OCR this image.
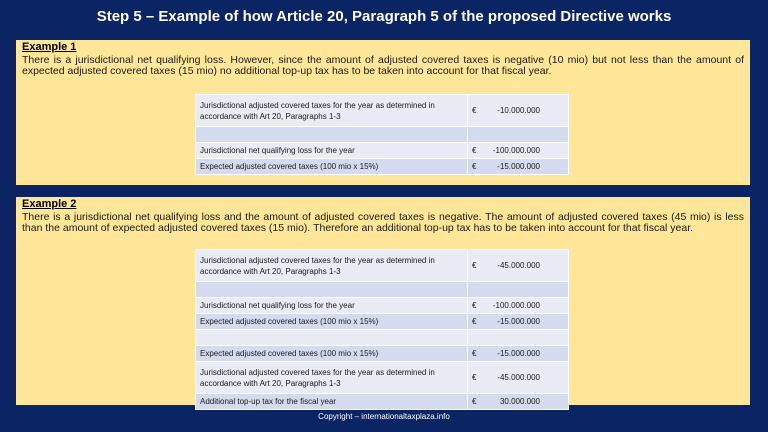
Step 5 – Example of how Article 20, Paragraph 5 of the proposed Directive works
Example 1
There is a jurisdictional net qualifying loss. However, since the amount of adjusted covered taxes is negative (10 mio) but not less than the amount of expected adjusted covered taxes (15 mio) no additional top-up tax has to be taken into account for that fiscal year.
Jurisdictional adjusted covered taxes for the year as determined in accordance with Art 20, Paragraphs 1-3	€ -10.000.000

Jurisdictional net qualifying loss for the year	€ -100.000.000
Expected adjusted covered taxes (100 mio x 15%)	€ -15.000.000
Example 2
There is a jurisdictional net qualifying loss and the amount of adjusted covered taxes is negative. The amount of adjusted covered taxes (45 mio) is less than the amount of expected adjusted covered taxes (15 mio). Therefore an additional top-up tax has to be taken into account for that fiscal year.
Jurisdictional adjusted covered taxes for the year as determined in accordance with Art 20, Paragraphs 1-3	€ -45.000.000

Jurisdictional net qualifying loss for the year	€ -100.000.000
Expected adjusted covered taxes (100 mio x 15%)	€ -15.000.000

Expected adjusted covered taxes (100 mio x 15%)	€ -15.000.000
Jurisdictional adjusted covered taxes for the year as determined in accordance with Art 20, Paragraphs 1-3	€ -45.000.000
Additional top-up tax for the fiscal year	€ 30.000.000
Copyright – internationaltaxplaza.info
